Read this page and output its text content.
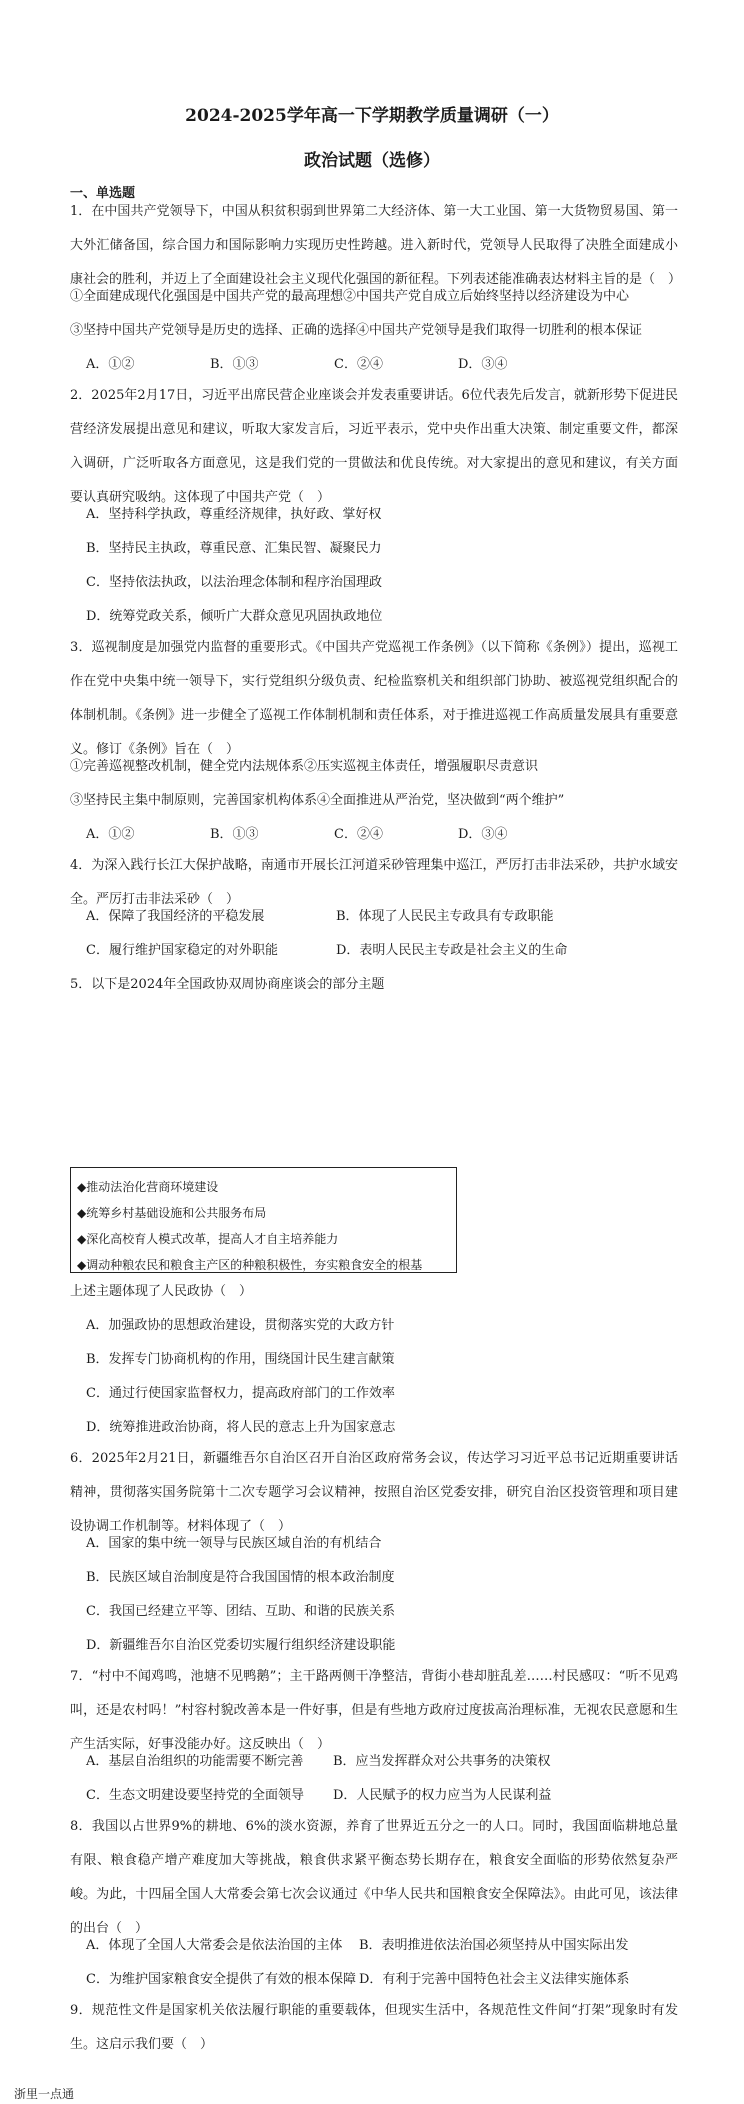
2024-2025学年高一下学期教学质量调研（一）
政治试题（选修）
一、单选题

1．在中国共产党领导下，中国从积贫积弱到世界第二大经济体、第一大工业国、第一大货物贸易国、第一大外汇储备国，综合国力和国际影响力实现历史性跨越。进入新时代，党领导人民取得了决胜全面建成小康社会的胜利，并迈上了全面建设社会主义现代化强国的新征程。下列表述能准确表达材料主旨的是（　）

①全面建成现代化强国是中国共产党的最高理想②中国共产党自成立后始终坚持以经济建设为中心
③坚持中国共产党领导是历史的选择、正确的选择④中国共产党领导是我们取得一切胜利的根本保证
A．①②	B．①③	C．②④	D．③④

2．2025年2月17日，习近平出席民营企业座谈会并发表重要讲话。6位代表先后发言，就新形势下促进民营经济发展提出意见和建议，听取大家发言后，习近平表示，党中央作出重大决策、制定重要文件，都深入调研，广泛听取各方面意见，这是我们党的一贯做法和优良传统。对大家提出的意见和建议，有关方面要认真研究吸纳。这体现了中国共产党（　）

A．坚持科学执政，尊重经济规律，执好政、掌好权
B．坚持民主执政，尊重民意、汇集民智、凝聚民力
C．坚持依法执政，以法治理念体制和程序治国理政
D．统筹党政关系，倾听广大群众意见巩固执政地位

3．巡视制度是加强党内监督的重要形式。《中国共产党巡视工作条例》（以下简称《条例》）提出，巡视工作在党中央集中统一领导下，实行党组织分级负责、纪检监察机关和组织部门协助、被巡视党组织配合的体制机制。《条例》进一步健全了巡视工作体制机制和责任体系，对于推进巡视工作高质量发展具有重要意义。修订《条例》旨在（　）

①完善巡视整改机制，健全党内法规体系②压实巡视主体责任，增强履职尽责意识
③坚持民主集中制原则，完善国家机构体系④全面推进从严治党，坚决做到“两个维护”
A．①②	B．①③	C．②④	D．③④

4．为深入践行长江大保护战略，南通市开展长江河道采砂管理集中巡江，严厉打击非法采砂，共护水域安全。严厉打击非法采砂（　）

A．保障了我国经济的平稳发展	B．体现了人民民主专政具有专政职能
C．履行维护国家稳定的对外职能	D．表明人民民主专政是社会主义的生命
5．以下是2024年全国政协双周协商座谈会的部分主题
◆推动法治化营商环境建设
◆统筹乡村基础设施和公共服务布局
◆深化高校育人模式改革，提高人才自主培养能力
◆调动种粮农民和粮食主产区的种粮积极性，夯实粮食安全的根基
上述主题体现了人民政协（　）
A．加强政协的思想政治建设，贯彻落实党的大政方针
B．发挥专门协商机构的作用，围绕国计民生建言献策
C．通过行使国家监督权力，提高政府部门的工作效率
D．统筹推进政治协商，将人民的意志上升为国家意志

6．2025年2月21日，新疆维吾尔自治区召开自治区政府常务会议，传达学习习近平总书记近期重要讲话精神，贯彻落实国务院第十二次专题学习会议精神，按照自治区党委安排，研究自治区投资管理和项目建设协调工作机制等。材料体现了（　）

A．国家的集中统一领导与民族区域自治的有机结合
B．民族区域自治制度是符合我国国情的根本政治制度
C．我国已经建立平等、团结、互助、和谐的民族关系
D．新疆维吾尔自治区党委切实履行组织经济建设职能

7．“村中不闻鸡鸣，池塘不见鸭鹅”；主干路两侧干净整洁，背街小巷却脏乱差……村民感叹：“听不见鸡叫，还是农村吗！”村容村貌改善本是一件好事，但是有些地方政府过度拔高治理标准，无视农民意愿和生产生活实际，好事没能办好。这反映出（　）

A．基层自治组织的功能需要不断完善 B．应当发挥群众对公共事务的决策权
C．生态文明建设要坚持党的全面领导 D．人民赋予的权力应当为人民谋利益

8．我国以占世界9%的耕地、6%的淡水资源，养育了世界近五分之一的人口。同时，我国面临耕地总量有限、粮食稳产增产难度加大等挑战，粮食供求紧平衡态势长期存在，粮食安全面临的形势依然复杂严峻。为此，十四届全国人大常委会第七次会议通过《中华人民共和国粮食安全保障法》。由此可见，该法律的出台（　）

A．体现了全国人大常委会是依法治国的主体 B．表明推进依法治国必须坚持从中国实际出发
C．为维护国家粮食安全提供了有效的根本保障 D．有利于完善中国特色社会主义法律实施体系

9．规范性文件是国家机关依法履行职能的重要载体，但现实生活中，各规范性文件间“打架”现象时有发生。这启示我们要（　）

浙里一点通
